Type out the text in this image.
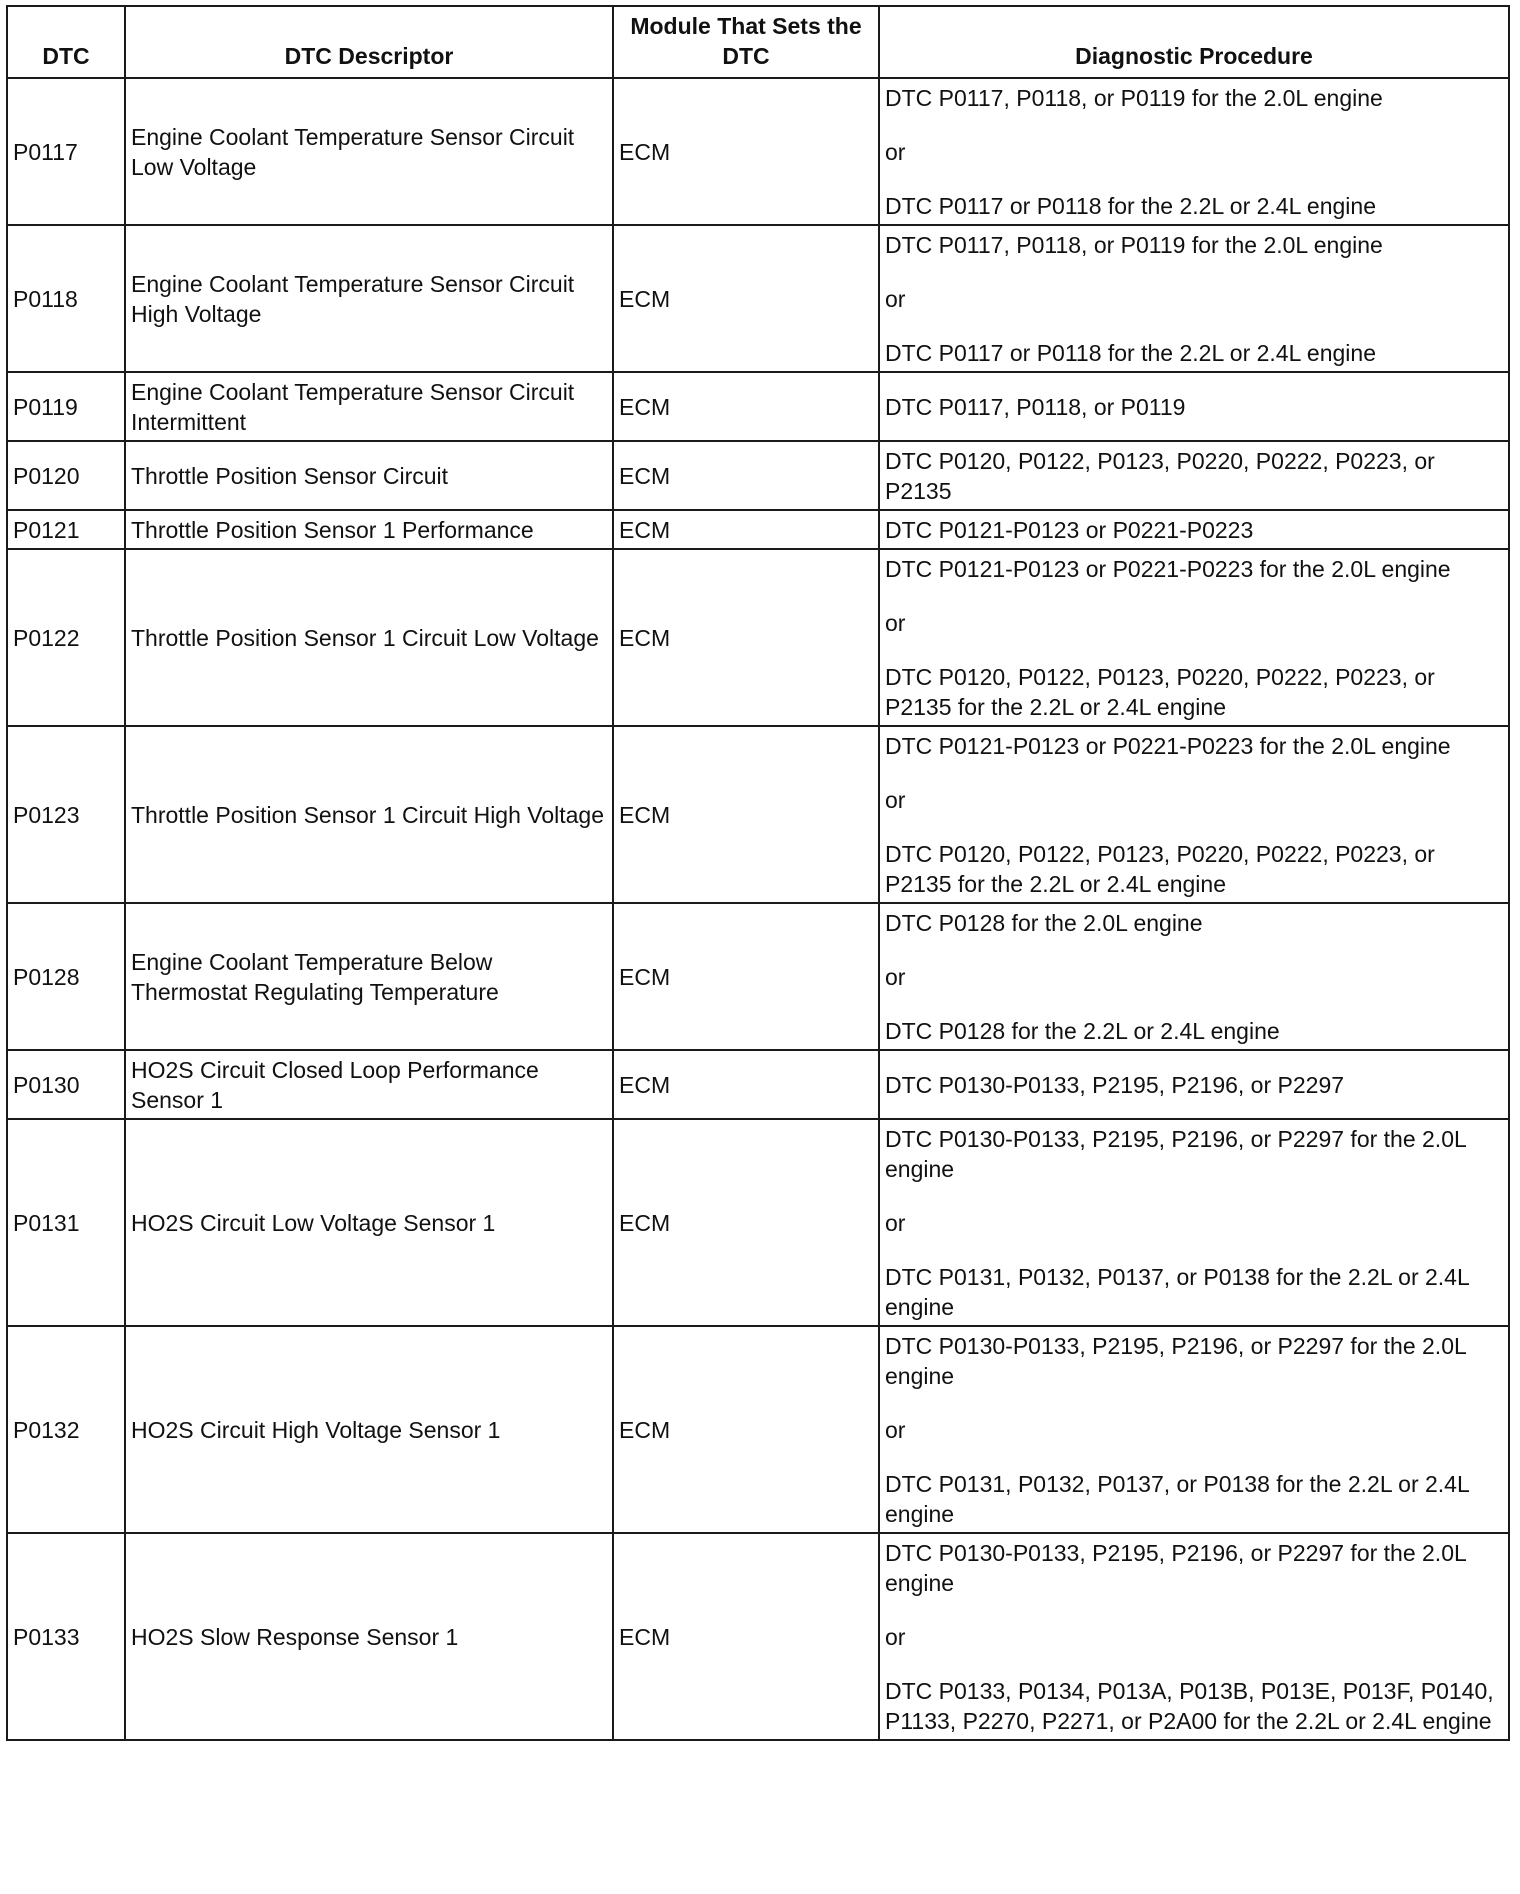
DTC	DTC Descriptor	Module That Sets the DTC	Diagnostic Procedure
P0117	Engine Coolant Temperature Sensor Circuit Low Voltage	ECM	DTC P0117, P0118, or P0119 for the 2.0L engine
or
DTC P0117 or P0118 for the 2.2L or 2.4L engine

P0118	Engine Coolant Temperature Sensor Circuit High Voltage	ECM	DTC P0117, P0118, or P0119 for the 2.0L engine
or
DTC P0117 or P0118 for the 2.2L or 2.4L engine

P0119	Engine Coolant Temperature Sensor Circuit Intermittent	ECM	DTC P0117, P0118, or P0119

P0120	Throttle Position Sensor Circuit	ECM	DTC P0120, P0122, P0123, P0220, P0222, P0223, or P2135

P0121	Throttle Position Sensor 1 Performance	ECM	DTC P0121-P0123 or P0221-P0223

P0122	Throttle Position Sensor 1 Circuit Low Voltage	ECM	DTC P0121-P0123 or P0221-P0223 for the 2.0L engine
or
DTC P0120, P0122, P0123, P0220, P0222, P0223, or P2135 for the 2.2L or 2.4L engine

P0123	Throttle Position Sensor 1 Circuit High Voltage	ECM	DTC P0121-P0123 or P0221-P0223 for the 2.0L engine
or
DTC P0120, P0122, P0123, P0220, P0222, P0223, or P2135 for the 2.2L or 2.4L engine

P0128	Engine Coolant Temperature Below Thermostat Regulating Temperature	ECM	DTC P0128 for the 2.0L engine
or
DTC P0128 for the 2.2L or 2.4L engine

P0130	HO2S Circuit Closed Loop Performance Sensor 1	ECM	DTC P0130-P0133, P2195, P2196, or P2297

P0131	HO2S Circuit Low Voltage Sensor 1	ECM	DTC P0130-P0133, P2195, P2196, or P2297 for the 2.0L engine
or
DTC P0131, P0132, P0137, or P0138 for the 2.2L or 2.4L engine

P0132	HO2S Circuit High Voltage Sensor 1	ECM	DTC P0130-P0133, P2195, P2196, or P2297 for the 2.0L engine
or
DTC P0131, P0132, P0137, or P0138 for the 2.2L or 2.4L engine

P0133	HO2S Slow Response Sensor 1	ECM	DTC P0130-P0133, P2195, P2196, or P2297 for the 2.0L engine
or
DTC P0133, P0134, P013A, P013B, P013E, P013F, P0140, P1133, P2270, P2271, or P2A00 for the 2.2L or 2.4L engine
